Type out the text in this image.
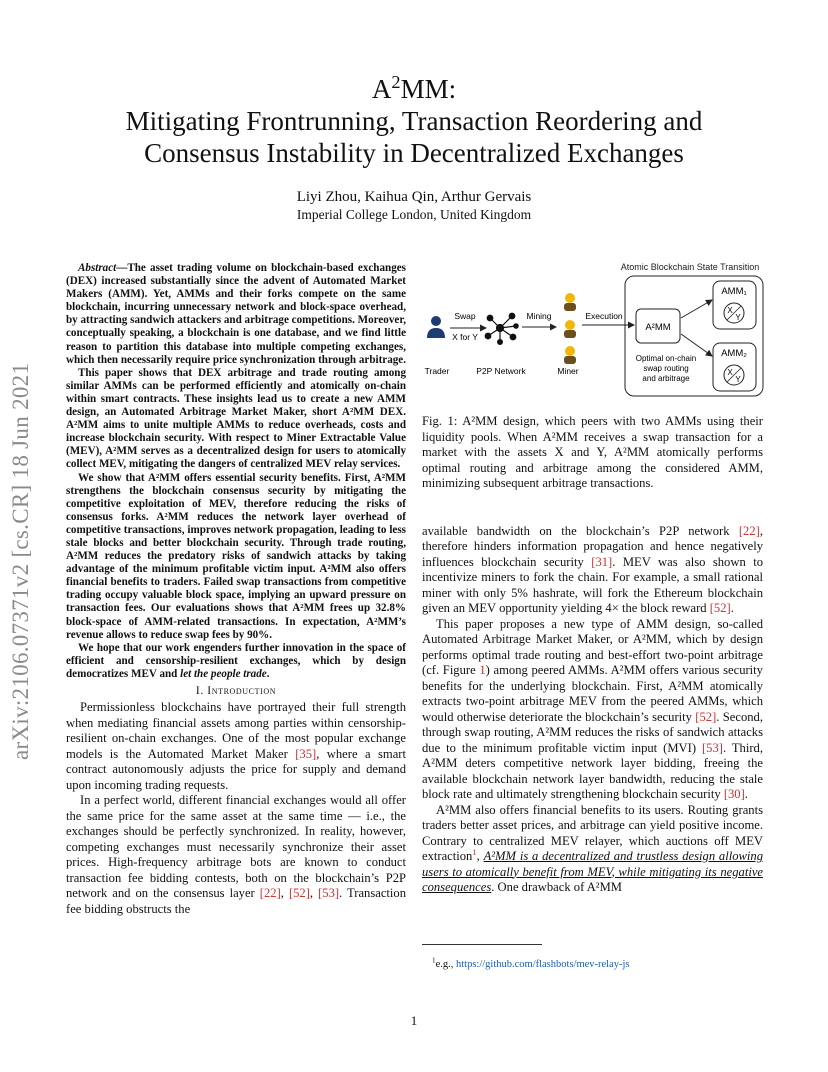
arXiv:2106.07371v2 [cs.CR] 18 Jun 2021
$A^2MM$:
Mitigating Frontrunning, Transaction Reordering and
Consensus Instability in Decentralized Exchanges
Liyi Zhou, Kaihua Qin, Arthur Gervais
Imperial College London, United Kingdom

Abstract—The asset trading volume on blockchain-based exchanges (DEX) increased substantially since the advent of Automated Market Makers (AMM). Yet, AMMs and their forks compete on the same blockchain, incurring unnecessary network and block-space overhead, by attracting sandwich attackers and arbitrage competitions. Moreover, conceptually speaking, a blockchain is one database, and we find little reason to partition this database into multiple competing exchanges, which then necessarily require price synchronization through arbitrage.

This paper shows that DEX arbitrage and trade routing among similar AMMs can be performed efficiently and atomically on-chain within smart contracts. These insights lead us to create a new AMM design, an Automated Arbitrage Market Maker, short A²MM DEX. A²MM aims to unite multiple AMMs to reduce overheads, costs and increase blockchain security. With respect to Miner Extractable Value (MEV), A²MM serves as a decentralized design for users to atomically collect MEV, mitigating the dangers of centralized MEV relay services.

We show that A²MM offers essential security benefits. First, A²MM strengthens the blockchain consensus security by mitigating the competitive exploitation of MEV, therefore reducing the risks of consensus forks. A²MM reduces the network layer overhead of competitive transactions, improves network propagation, leading to less stale blocks and better blockchain security. Through trade routing, A²MM reduces the predatory risks of sandwich attacks by taking advantage of the minimum profitable victim input. A²MM also offers financial benefits to traders. Failed swap transactions from competitive trading occupy valuable block space, implying an upward pressure on transaction fees. Our evaluations shows that A²MM frees up 32.8% block-space of AMM-related transactions. In expectation, A²MM’s revenue allows to reduce swap fees by 90%.

We hope that our work engenders further innovation in the space of efficient and censorship-resilient exchanges, which by design democratizes MEV and let the people trade.

I. Introduction

Permissionless blockchains have portrayed their full strength when mediating financial assets among parties within censorship-resilient on-chain exchanges. One of the most popular exchange models is the Automated Market Maker [35], where a smart contract autonomously adjusts the price for supply and demand upon incoming trading requests.

In a perfect world, different financial exchanges would all offer the same price for the same asset at the same time — i.e., the exchanges should be perfectly synchronized. In reality, however, competing exchanges must necessarily synchronize their asset prices. High-frequency arbitrage bots are known to conduct transaction fee bidding contests, both on the blockchain’s P2P network and on the consensus layer [22], [52], [53]. Transaction fee bidding obstructs the

Atomic Blockchain State Transition
Trader
Swap
X for Y
P2P Network
Mining
Miner
Execution
A²MM
Optimal on-chain
swap routing
and arbitrage
AMM₁
X
Y
AMM₂
X
Y
Fig. 1: A²MM design, which peers with two AMMs using their liquidity pools. When A²MM receives a swap transaction for a market with the assets X and Y, A²MM atomically performs optimal routing and arbitrage among the considered AMM, minimizing subsequent arbitrage transactions.

available bandwidth on the blockchain’s P2P network [22], therefore hinders information propagation and hence negatively influences blockchain security [31]. MEV was also shown to incentivize miners to fork the chain. For example, a small rational miner with only 5% hashrate, will fork the Ethereum blockchain given an MEV opportunity yielding 4× the block reward [52].

This paper proposes a new type of AMM design, so-called Automated Arbitrage Market Maker, or A²MM, which by design performs optimal trade routing and best-effort two-point arbitrage (cf. Figure 1) among peered AMMs. A²MM offers various security benefits for the underlying blockchain. First, A²MM atomically extracts two-point arbitrage MEV from the peered AMMs, which would otherwise deteriorate the blockchain’s security [52]. Second, through swap routing, A²MM reduces the risks of sandwich attacks due to the minimum profitable victim input (MVI) [53]. Third, A²MM deters competitive network layer bidding, freeing the available blockchain network layer bandwidth, reducing the stale block rate and ultimately strengthening blockchain security [30].

A²MM also offers financial benefits to its users. Routing grants traders better asset prices, and arbitrage can yield positive income. Contrary to centralized MEV relayer, which auctions off MEV extraction$^1$, A²MM is a decentralized and trustless design allowing users to atomically benefit from MEV, while mitigating its negative consequences. One drawback of A²MM

$^1$e.g., https://github.com/flashbots/mev-relay-js
1
